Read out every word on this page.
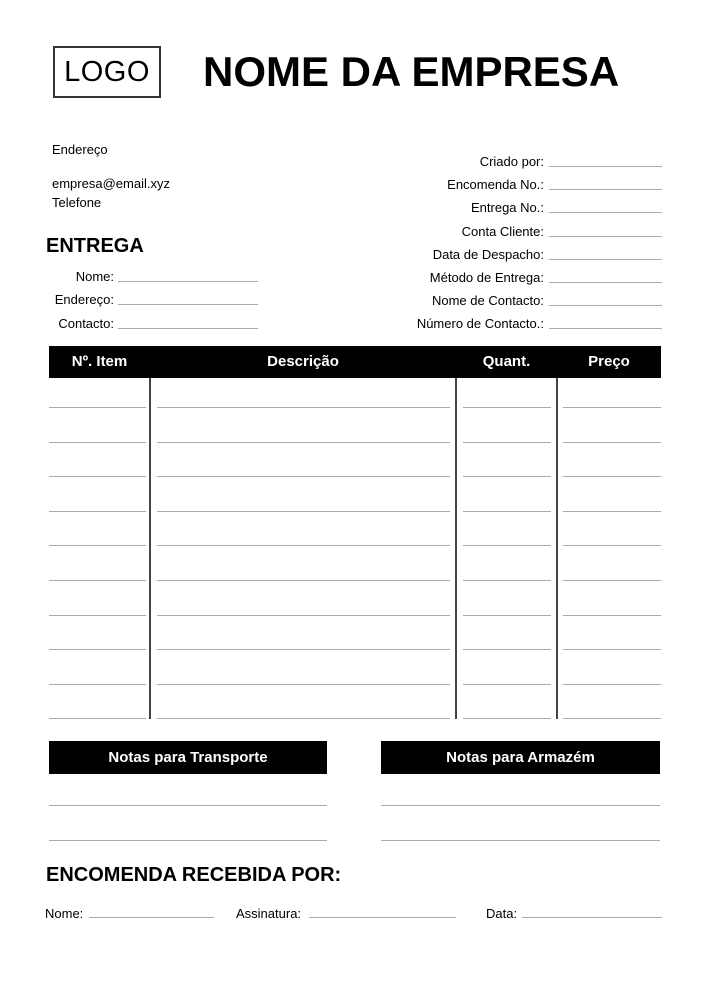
LOGO NOME DA EMPRESA
Endereço
empresa@email.xyz
Telefone
ENTREGA
Nome:
Endereço:
Contacto:
Criado por:
Encomenda No.:
Entrega No.:
Conta Cliente:
Data de Despacho:
Método de Entrega:
Nome de Contacto:
Número de Contacto.:
Nº. Item	Descrição	Quant.	Preço
Notas para Transporte	Notas para Armazém
ENCOMENDA RECEBIDA POR:
Nome:	Assinatura:	Data:
